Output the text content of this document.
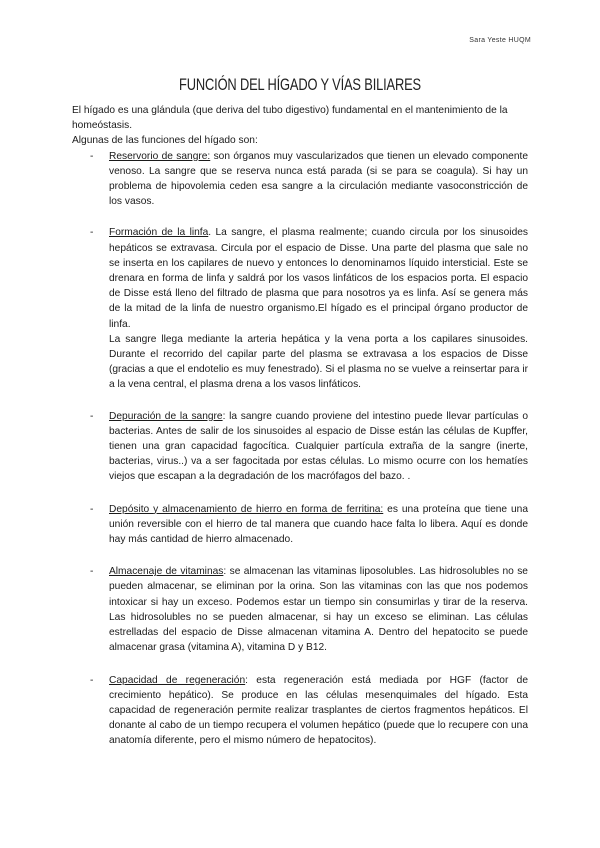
Sara Yeste HUQM
FUNCIÓN DEL HÍGADO Y VÍAS BILIARES

El hígado es una glándula (que deriva del tubo digestivo) fundamental en el mantenimiento de la homeóstasis.
Algunas de las funciones del hígado son:

- Reservorio de sangre: son órganos muy vascularizados que tienen un elevado componente venoso. La sangre que se reserva nunca está parada (si se para se coagula). Si hay un problema de hipovolemia ceden esa sangre a la circulación mediante vasoconstricción de los vasos.
- Formación de la linfa. La sangre, el plasma realmente; cuando circula por los sinusoides hepáticos se extravasa. Circula por el espacio de Disse. Una parte del plasma que sale no se inserta en los capilares de nuevo y entonces lo denominamos líquido intersticial. Este se drenara en forma de linfa y saldrá por los vasos linfáticos de los espacios porta. El espacio de Disse está lleno del filtrado de plasma que para nosotros ya es linfa. Así se genera más de la mitad de la linfa de nuestro organismo.El hígado es el principal órgano productor de linfa.
La sangre llega mediante la arteria hepática y la vena porta a los capilares sinusoides. Durante el recorrido del capilar parte del plasma se extravasa a los espacios de Disse (gracias a que el endotelio es muy fenestrado). Si el plasma no se vuelve a reinsertar para ir a la vena central, el plasma drena a los vasos linfáticos.
- Depuración de la sangre: la sangre cuando proviene del intestino puede llevar partículas o bacterias. Antes de salir de los sinusoides al espacio de Disse están las células de Kupffer, tienen una gran capacidad fagocítica. Cualquier partícula extraña de la sangre (inerte, bacterias, virus..) va a ser fagocitada por estas células. Lo mismo ocurre con los hematíes viejos que escapan a la degradación de los macrófagos del bazo. .
- Depósito y almacenamiento de hierro en forma de ferritina: es una proteína que tiene una unión reversible con el hierro de tal manera que cuando hace falta lo libera. Aquí es donde hay más cantidad de hierro almacenado.
- Almacenaje de vitaminas: se almacenan las vitaminas liposolubles. Las hidrosolubles no se pueden almacenar, se eliminan por la orina. Son las vitaminas con las que nos podemos intoxicar si hay un exceso. Podemos estar un tiempo sin consumirlas y tirar de la reserva. Las hidrosolubles no se pueden almacenar, si hay un exceso se eliminan. Las células estrelladas del espacio de Disse almacenan vitamina A. Dentro del hepatocito se puede almacenar grasa (vitamina A), vitamina D y B12.
- Capacidad de regeneración: esta regeneración está mediada por HGF (factor de crecimiento hepático). Se produce en las células mesenquimales del hígado. Esta capacidad de regeneración permite realizar trasplantes de ciertos fragmentos hepáticos. El donante al cabo de un tiempo recupera el volumen hepático (puede que lo recupere con una anatomía diferente, pero el mismo número de hepatocitos).
